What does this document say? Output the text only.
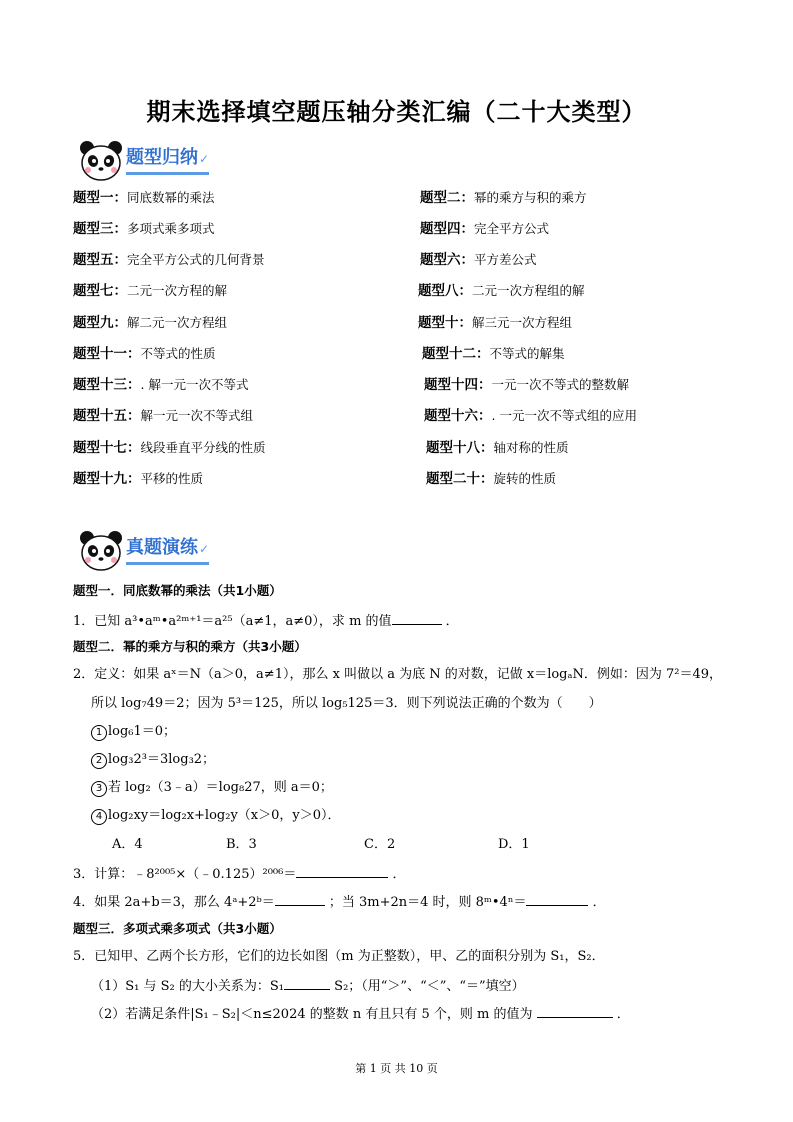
期末选择填空题压轴分类汇编（二十大类型）
题型归纳 ✓
题型一：同底数幂的乘法	题型二：幂的乘方与积的乘方
题型三：多项式乘多项式	题型四：完全平方公式
题型五：完全平方公式的几何背景	题型六：平方差公式
题型七：二元一次方程的解	题型八：二元一次方程组的解
题型九：解二元一次方程组	题型十：解三元一次方程组
题型十一：不等式的性质	题型十二：不等式的解集
题型十三：. 解一元一次不等式	题型十四：一元一次不等式的整数解
题型十五：解一元一次不等式组	题型十六：. 一元一次不等式组的应用
题型十七：线段垂直平分线的性质	题型十八：轴对称的性质
题型十九：平移的性质	题型二十：旋转的性质
真题演练 ✓
题型一．同底数幂的乘法（共1小题）
1．已知 a³•aᵐ•a²ᵐ⁺¹＝a²⁵（a≠1，a≠0），求 m 的值	．
题型二．幂的乘方与积的乘方（共3小题）
2．定义：如果 aˣ＝N（a＞0，a≠1），那么 x 叫做以 a 为底 N 的对数，记做 x＝logₐN．例如：因为 7²＝49，
所以 log₇49＝2；因为 5³＝125，所以 log₅125＝3．则下列说法正确的个数为（　　）
1 log₆1＝0；
2 log₃2³＝3log₃2；
3 若 log₂（3﹣a）＝log₈27，则 a＝0；
4 log₂xy＝log₂x+log₂y（x＞0，y＞0）．
A．4	B．3	C．2	D．1
3．计算：﹣8²⁰⁰⁵×（﹣0.125）²⁰⁰⁶＝	．
4．如果 2a+b＝3，那么 4ᵃ+2ᵇ＝	；当 3m+2n＝4 时，则 8ᵐ•4ⁿ＝	．
题型三．多项式乘多项式（共3小题）
5．已知甲、乙两个长方形，它们的边长如图（m 为正整数），甲、乙的面积分别为 S₁，S₂．
（1）S₁ 与 S₂ 的大小关系为：S₁	S₂；（用“＞”、“＜”、“＝”填空）
（2）若满足条件|S₁﹣S₂|＜n≤2024 的整数 n 有且只有 5 个，则 m 的值为	．
第 1 页 共 10 页
